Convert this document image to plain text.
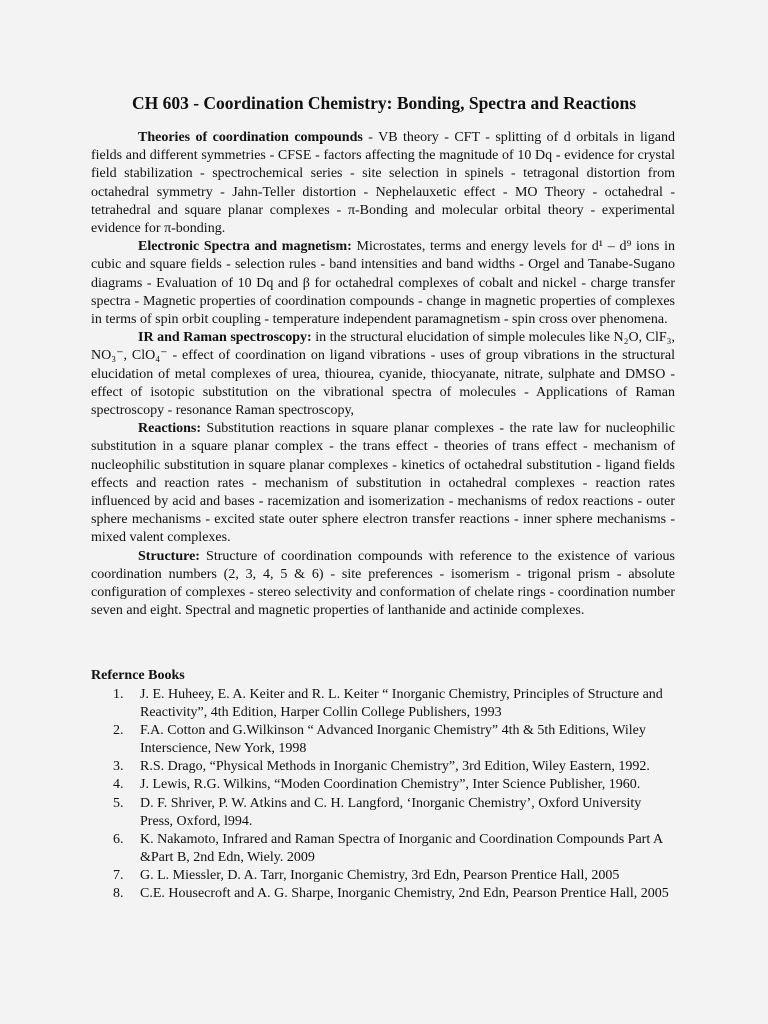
CH 603 - Coordination Chemistry: Bonding, Spectra and Reactions

Theories of coordination compounds - VB theory - CFT - splitting of d orbitals in ligand fields and different symmetries - CFSE - factors affecting the magnitude of 10 Dq - evidence for crystal field stabilization - spectrochemical series - site selection in spinels - tetragonal distortion from octahedral symmetry - Jahn-Teller distortion - Nephelauxetic effect - MO Theory - octahedral - tetrahedral and square planar complexes - π-Bonding and molecular orbital theory - experimental evidence for π-bonding.

Electronic Spectra and magnetism: Microstates, terms and energy levels for d¹ – d⁹ ions in cubic and square fields - selection rules - band intensities and band widths - Orgel and Tanabe-Sugano diagrams - Evaluation of 10 Dq and β for octahedral complexes of cobalt and nickel - charge transfer spectra - Magnetic properties of coordination compounds - change in magnetic properties of complexes in terms of spin orbit coupling - temperature independent paramagnetism - spin cross over phenomena.

IR and Raman spectroscopy: in the structural elucidation of simple molecules like N₂O, ClF₃, NO₃⁻, ClO₄⁻ - effect of coordination on ligand vibrations - uses of group vibrations in the structural elucidation of metal complexes of urea, thiourea, cyanide, thiocyanate, nitrate, sulphate and DMSO - effect of isotopic substitution on the vibrational spectra of molecules - Applications of Raman spectroscopy - resonance Raman spectroscopy,

Reactions: Substitution reactions in square planar complexes - the rate law for nucleophilic substitution in a square planar complex - the trans effect - theories of trans effect - mechanism of nucleophilic substitution in square planar complexes - kinetics of octahedral substitution - ligand fields effects and reaction rates - mechanism of substitution in octahedral complexes - reaction rates influenced by acid and bases - racemization and isomerization - mechanisms of redox reactions - outer sphere mechanisms - excited state outer sphere electron transfer reactions - inner sphere mechanisms - mixed valent complexes.

Structure: Structure of coordination compounds with reference to the existence of various coordination numbers (2, 3, 4, 5 & 6) - site preferences - isomerism - trigonal prism - absolute configuration of complexes - stereo selectivity and conformation of chelate rings - coordination number seven and eight. Spectral and magnetic properties of lanthanide and actinide complexes.

Refernce Books
1. J. E. Huheey, E. A. Keiter and R. L. Keiter “ Inorganic Chemistry, Principles of Structure and Reactivity”, 4th Edition, Harper Collin College Publishers, 1993
2. F.A. Cotton and G.Wilkinson “ Advanced Inorganic Chemistry” 4th & 5th Editions, Wiley Interscience, New York, 1998
3. R.S. Drago, “Physical Methods in Inorganic Chemistry”, 3rd Edition, Wiley Eastern, 1992.
4. J. Lewis, R.G. Wilkins, “Moden Coordination Chemistry”, Inter Science Publisher, 1960.
5. D. F. Shriver, P. W. Atkins and C. H. Langford, ‘Inorganic Chemistry’, Oxford University Press, Oxford, l994.
6. K. Nakamoto, Infrared and Raman Spectra of Inorganic and Coordination Compounds Part A &Part B, 2nd Edn, Wiely. 2009
7. G. L. Miessler, D. A. Tarr, Inorganic Chemistry, 3rd Edn, Pearson Prentice Hall, 2005
8. C.E. Housecroft and A. G. Sharpe, Inorganic Chemistry, 2nd Edn, Pearson Prentice Hall, 2005
